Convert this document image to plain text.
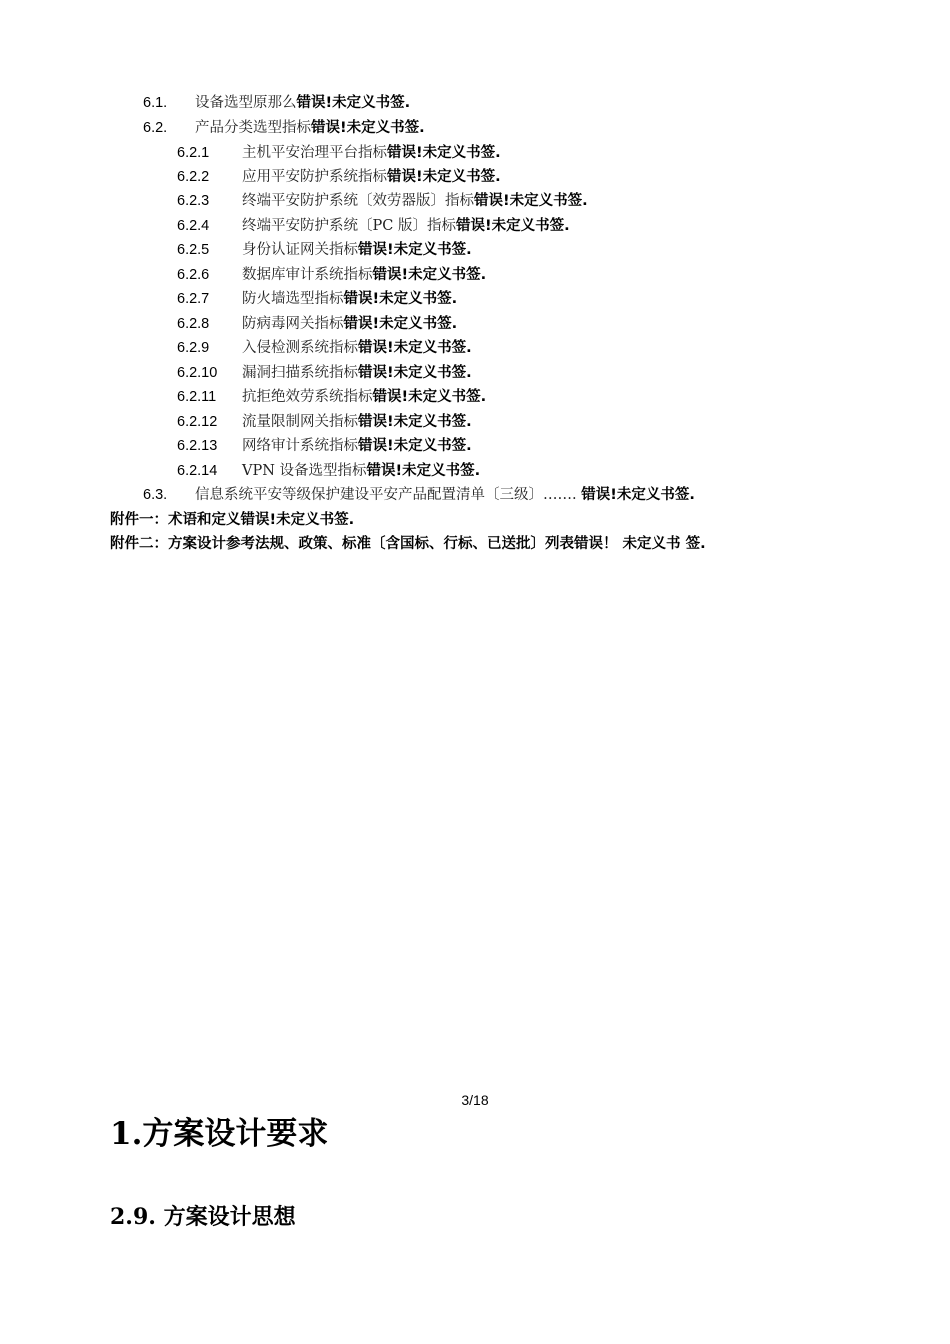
6.1. 设备选型原那么错误!未定义书签.
6.2. 产品分类选型指标错误!未定义书签.
6.2.1 主机平安治理平台指标错误!未定义书签.
6.2.2 应用平安防护系统指标错误!未定义书签.
6.2.3 终端平安防护系统〔效劳器版〕指标错误!未定义书签.
6.2.4 终端平安防护系统〔PC 版〕指标错误!未定义书签.
6.2.5 身份认证网关指标错误!未定义书签.
6.2.6 数据库审计系统指标错误!未定义书签.
6.2.7 防火墙选型指标错误!未定义书签.
6.2.8 防病毒网关指标错误!未定义书签.
6.2.9 入侵检测系统指标错误!未定义书签.
6.2.10 漏洞扫描系统指标错误!未定义书签.
6.2.11 抗拒绝效劳系统指标错误!未定义书签.
6.2.12 流量限制网关指标错误!未定义书签.
6.2.13 网络审计系统指标错误!未定义书签.
6.2.14 VPN 设备选型指标错误!未定义书签.
6.3. 信息系统平安等级保护建设平安产品配置清单〔三级〕……. 错误!未定义书签.
附件一：术语和定义错误!未定义书签.
附件二：方案设计参考法规、政策、标准〔含国标、行标、已送批〕列表错误！ 未定义书 签.
3/18
1.方案设计要求
2.9. 方案设计思想
